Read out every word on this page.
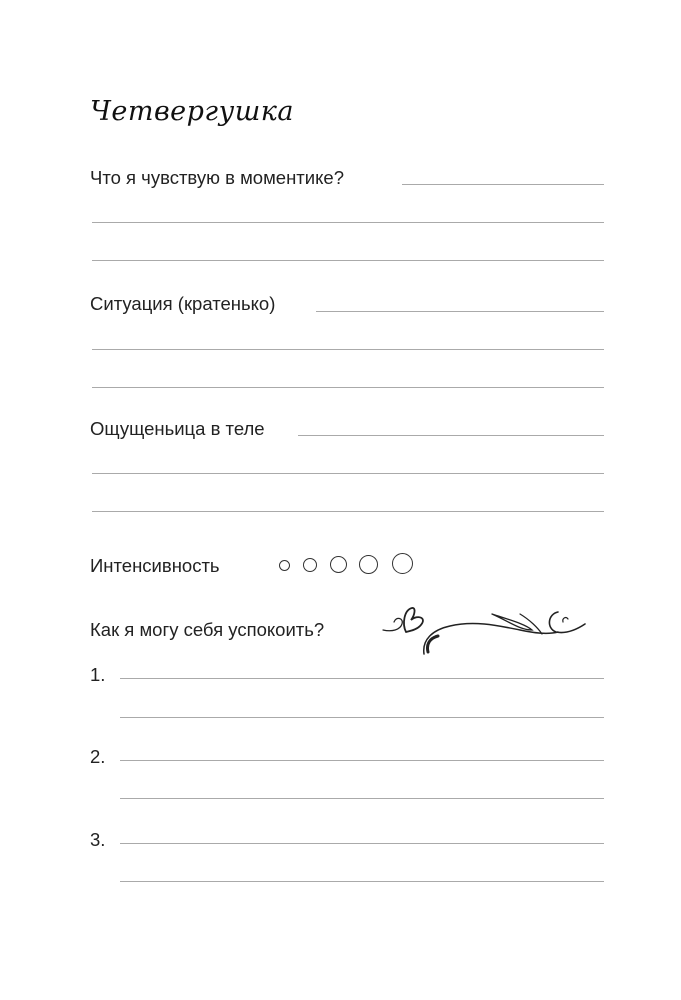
Четвергушка
Что я чувствую в моментике?
Ситуация (кратенько)
Ощущеньица в теле
Интенсивность
Как я могу себя успокоить?
1.
2.
3.
